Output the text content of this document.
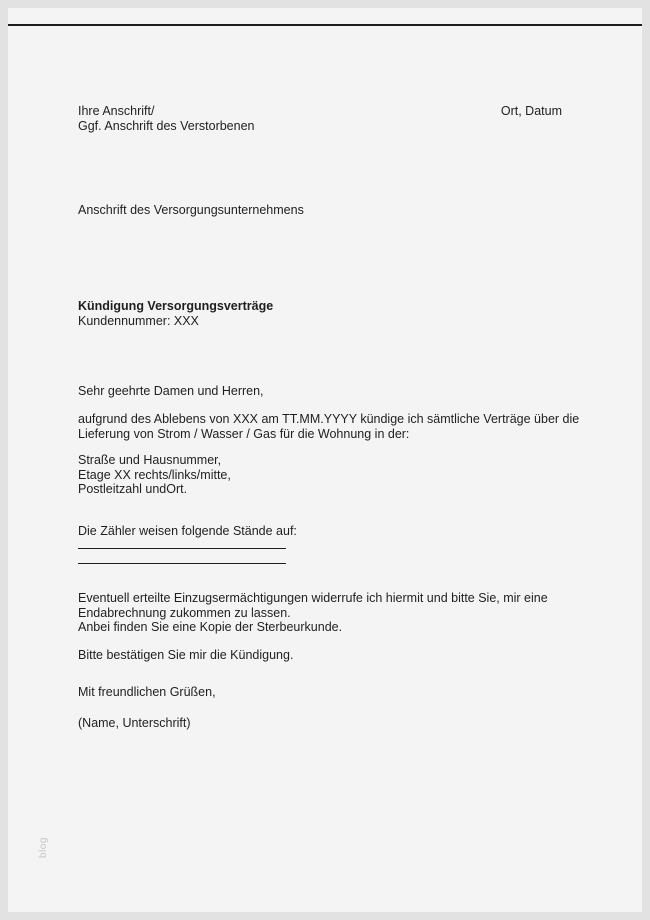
Ihre Anschrift/
Ggf. Anschrift des Verstorbenen
Ort, Datum
Anschrift des Versorgungsunternehmens
Kündigung Versorgungsverträge
Kundennummer: XXX
Sehr geehrte Damen und Herren,
aufgrund des Ablebens von XXX am TT.MM.YYYY kündige ich sämtliche Verträge über die
Lieferung von Strom / Wasser / Gas für die Wohnung in der:
Straße und Hausnummer,
Etage XX rechts/links/mitte,
Postleitzahl undOrt.
Die Zähler weisen folgende Stände auf:
Eventuell erteilte Einzugsermächtigungen widerrufe ich hiermit und bitte Sie, mir eine
Endabrechnung zukommen zu lassen.
Anbei finden Sie eine Kopie der Sterbeurkunde.
Bitte bestätigen Sie mir die Kündigung.
Mit freundlichen Grüßen,
(Name, Unterschrift)
blog
